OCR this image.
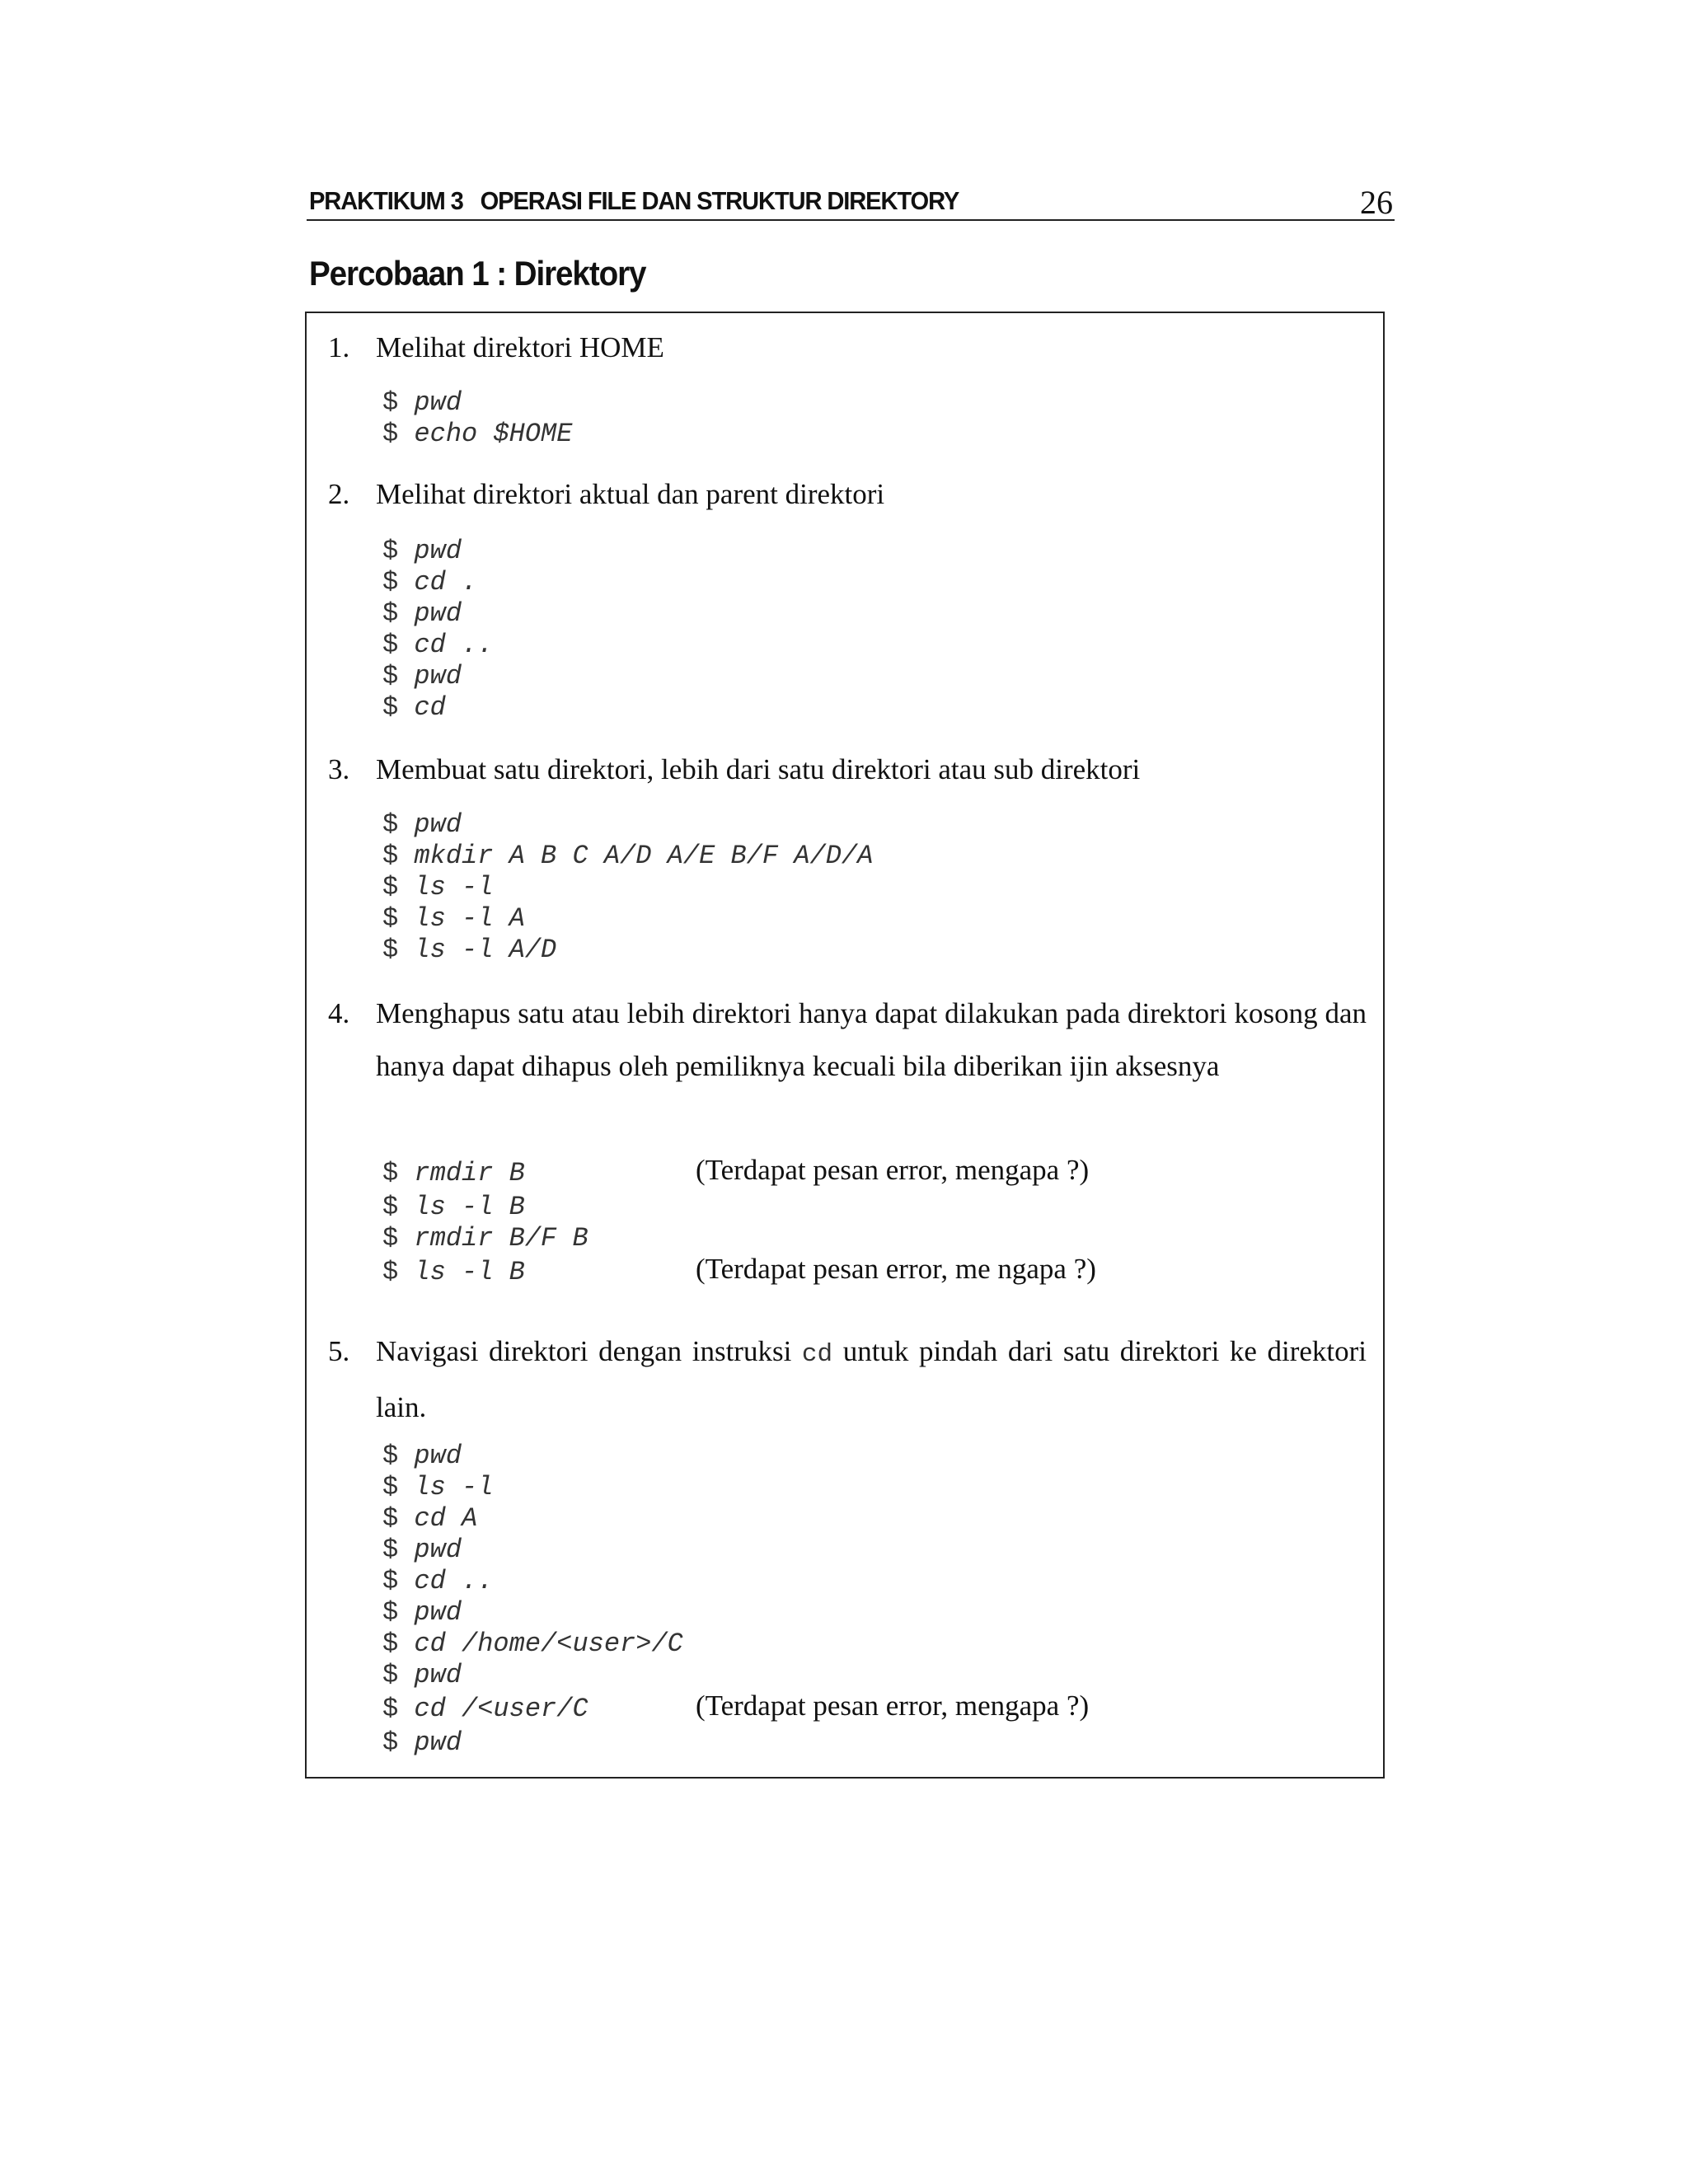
PRAKTIKUM 3   OPERASI FILE DAN STRUKTUR DIREKTORY	26
Percobaan 1 : Direktory
1. Melihat direktori HOME
$ pwd
$ echo $HOME
2. Melihat direktori aktual dan parent direktori
$ pwd
$ cd .
$ pwd
$ cd ..
$ pwd
$ cd
3. Membuat satu direktori, lebih dari satu direktori atau sub direktori
$ pwd
$ mkdir A B C A/D A/E B/F A/D/A
$ ls -l
$ ls -l A
$ ls -l A/D
4. Menghapus satu atau lebih direktori hanya dapat dilakukan pada direktori kosong dan hanya dapat dihapus oleh pemiliknya kecuali bila diberikan ijin aksesnya
$ rmdir B	(Terdapat pesan error, mengapa ?)
$ ls -l B
$ rmdir B/F B
$ ls -l B	(Terdapat pesan error, me ngapa ?)
5. Navigasi direktori dengan instruksi cd untuk pindah dari satu direktori ke direktori lain.
$ pwd
$ ls -l
$ cd A
$ pwd
$ cd ..
$ pwd
$ cd /home/<user>/C
$ pwd
$ cd /<user/C	(Terdapat pesan error, mengapa ?)
$ pwd
